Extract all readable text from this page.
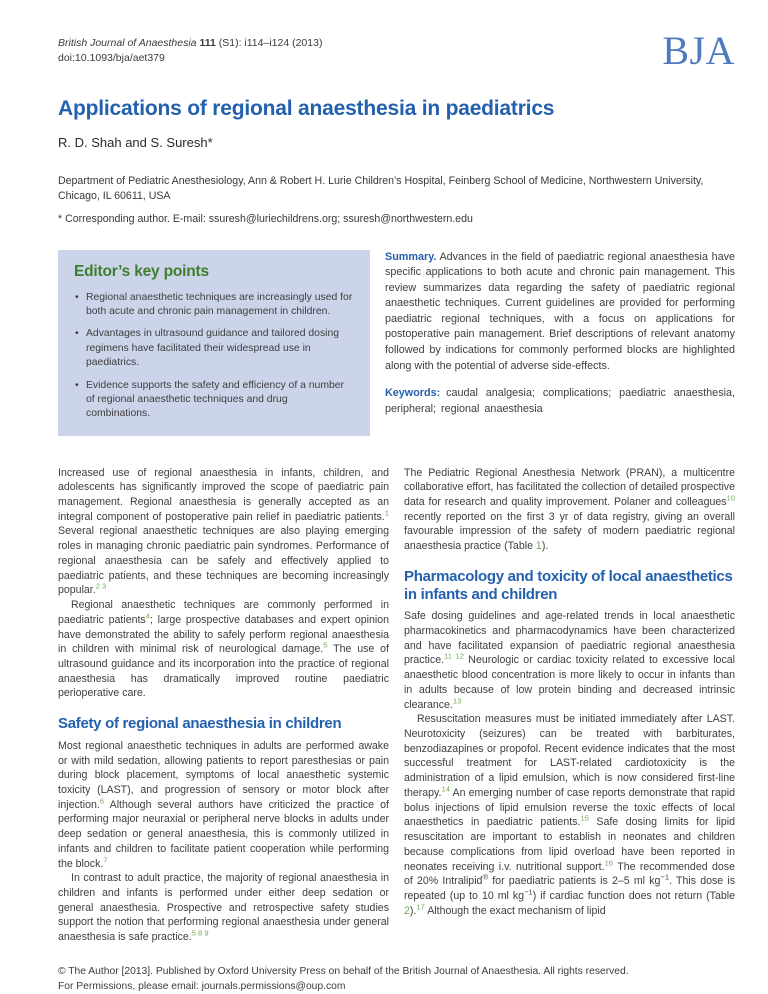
British Journal of Anaesthesia 111 (S1): i114–i124 (2013)
doi:10.1093/bja/aet379	BJA
Applications of regional anaesthesia in paediatrics
R. D. Shah and S. Suresh*
Department of Pediatric Anesthesiology, Ann & Robert H. Lurie Children’s Hospital, Feinberg School of Medicine, Northwestern University, Chicago, IL 60611, USA
* Corresponding author. E-mail: ssuresh@luriechildrens.org; ssuresh@northwestern.edu
Editor’s key points
• Regional anaesthetic techniques are increasingly used for both acute and chronic pain management in children.
• Advantages in ultrasound guidance and tailored dosing regimens have facilitated their widespread use in paediatrics.
• Evidence supports the safety and efficiency of a number of regional anaesthetic techniques and drug combinations.

Summary. Advances in the field of paediatric regional anaesthesia have specific applications to both acute and chronic pain management. This review summarizes data regarding the safety of paediatric regional anaesthetic techniques. Current guidelines are provided for performing paediatric regional techniques, with a focus on applications for postoperative pain management. Brief descriptions of relevant anatomy followed by indications for commonly performed blocks are highlighted along with the potential of adverse side-effects.

Keywords: caudal analgesia; complications; paediatric anaesthesia, peripheral; regional anaesthesia

Increased use of regional anaesthesia in infants, children, and adolescents has significantly improved the scope of paediatric pain management. Regional anaesthesia is generally accepted as an integral component of postoperative pain relief in paediatric patients.$^1$ Several regional anaesthetic techniques are also playing emerging roles in managing chronic paediatric pain syndromes. Performance of regional anaesthesia can be safely and effectively applied to paediatric patients, and these techniques are becoming increasingly popular.$^{2 3}$

Regional anaesthetic techniques are commonly performed in paediatric patients$^4$; large prospective databases and expert opinion have demonstrated the ability to safely perform regional anaesthesia in children with minimal risk of neurological damage.$^5$ The use of ultrasound guidance and its incorporation into the practice of regional anaesthesia has dramatically improved routine paediatric perioperative care.

Safety of regional anaesthesia in children

Most regional anaesthetic techniques in adults are performed awake or with mild sedation, allowing patients to report paresthesias or pain during block placement, symptoms of local anaesthetic systemic toxicity (LAST), and progression of sensory or motor block after injection.$^6$ Although several authors have criticized the practice of performing major neuraxial or peripheral nerve blocks in adults under deep sedation or general anaesthesia, this is commonly utilized in infants and children to facilitate patient cooperation while performing the block.$^7$

In contrast to adult practice, the majority of regional anaesthesia in children and infants is performed under either deep sedation or general anaesthesia. Prospective and retrospective safety studies support the notion that performing regional anaesthesia under general anaesthesia is safe practice.$^{5 8 9}$

The Pediatric Regional Anesthesia Network (PRAN), a multicentre collaborative effort, has facilitated the collection of detailed prospective data for research and quality improvement. Polaner and colleagues$^{10}$ recently reported on the first 3 yr of data registry, giving an overall favourable impression of the safety of modern paediatric regional anaesthesia practice (Table 1).

Pharmacology and toxicity of local anaesthetics in infants and children

Safe dosing guidelines and age-related trends in local anaesthetic pharmacokinetics and pharmacodynamics have been characterized and have facilitated expansion of paediatric regional anaesthesia practice.$^{11 12}$ Neurologic or cardiac toxicity related to excessive local anaesthetic blood concentration is more likely to occur in infants than in adults because of low protein binding and decreased intrinsic clearance.$^{13}$

Resuscitation measures must be initiated immediately after LAST. Neurotoxicity (seizures) can be treated with barbiturates, benzodiazapines or propofol. Recent evidence indicates that the most successful treatment for LAST-related cardiotoxicity is the administration of a lipid emulsion, which is now considered first-line therapy.$^{14}$ An emerging number of case reports demonstrate that rapid bolus injections of lipid emulsion reverse the toxic effects of local anaesthetics in paediatric patients.$^{15}$ Safe dosing limits for lipid resuscitation are important to establish in neonates and children because complications from lipid overload have been reported in neonates receiving i.v. nutritional support.$^{16}$ The recommended dose of 20% Intralipid® for paediatric patients is 2–5 ml $kg^{-1}$. This dose is repeated (up to 10 ml $kg^{-1}$) if cardiac function does not return (Table 2).$^{17}$ Although the exact mechanism of lipid

© The Author [2013]. Published by Oxford University Press on behalf of the British Journal of Anaesthesia. All rights reserved.
For Permissions, please email: journals.permissions@oup.com
